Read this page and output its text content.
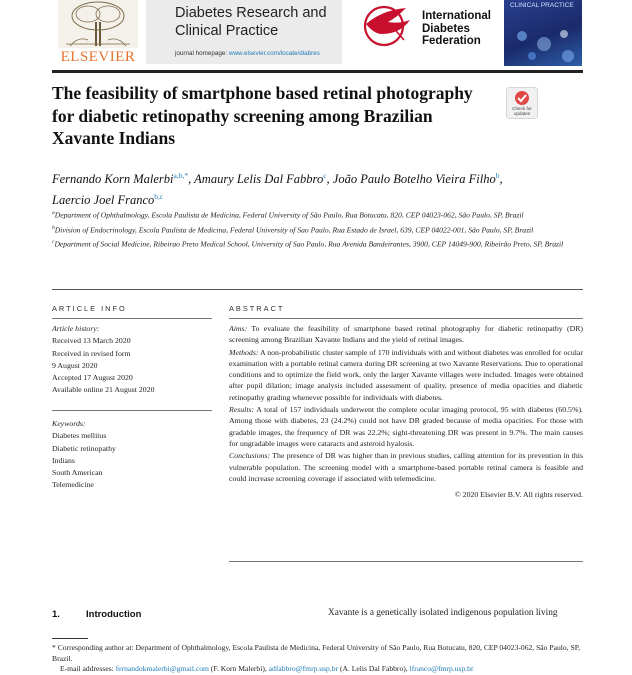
ELSEVIER
Diabetes Research and Clinical Practice
journal homepage: www.elsevier.com/locate/diabres
International
Diabetes
Federation
CLINICAL PRACTICE
The feasibility of smartphone based retinal photography for diabetic retinopathy screening among Brazilian Xavante Indians
Check for updates
Fernando Korn Malerbi$^{a,b,*}$, Amaury Lelis Dal Fabbro$^c$, João Paulo Botelho Vieira Filho$^b$,
Laercio Joel Franco$^{b,c}$
$^a$Department of Ophthalmology, Escola Paulista de Medicina, Federal University of São Paulo, Rua Botucatu, 820, CEP 04023-062, São Paulo, SP, Brazil
$^b$Division of Endocrinology, Escola Paulista de Medicina, Federal University of Sao Paulo, Rua Estado de Israel, 639, CEP 04022-001, São Paulo, SP, Brazil
$^c$Department of Social Medicine, Ribeirao Preto Medical School, University of Sao Paulo, Rua Avenida Bandeirantes, 3900, CEP 14049-900, Ribeirão Preto, SP, Brazil
ARTICLE INFO
Article history:
Received 13 March 2020
Received in revised form
9 August 2020
Accepted 17 August 2020
Available online 21 August 2020
Keywords:
Diabetes mellitus
Diabetic retinopathy
Indians
South American
Telemedicine
ABSTRACT

Aims: To evaluate the feasibility of smartphone based retinal photography for diabetic retinopathy (DR) screening among Brazilian Xavante Indians and the yield of retinal images.

Methods: A non-probabilistic cluster sample of 170 individuals with and without diabetes was enrolled for ocular examination with a portable retinal camera during DR screening at two Xavante Reservations. Due to operational conditions and to optimize the field work, only the larger Xavante villages were included. Images were obtained after pupil dilation; image analysis included assessment of quality, presence of media opacities and diabetic retinopathy grading whenever possible for individuals with diabetes.

Results: A total of 157 individuals underwent the complete ocular imaging protocol, 95 with diabetes (60.5%). Among those with diabetes, 23 (24.2%) could not have DR graded because of media opacities. For those with gradable images, the frequency of DR was 22.2%; sight-threatening DR was present in 9.7%. The main causes for ungradable images were cataracts and asteroid hyalosis.

Conclusions: The presence of DR was higher than in previous studies, calling attention for its prevention in this vulnerable population. The screening model with a smartphone-based portable retinal camera is feasible and could increase screening coverage if associated with telemedicine.

© 2020 Elsevier B.V. All rights reserved.

1.	Introduction	Xavante is a genetically isolated indigenous population living
* Corresponding author at: Department of Ophthalmology, Escola Paulista de Medicina, Federal University of São Paulo, Rua Botucatu, 820, CEP 04023-062, São Paulo, SP, Brazil.
E-mail addresses: fernandokmalerbi@gmail.com (F. Korn Malerbi), adfabbro@fmrp.usp.br (A. Lelis Dal Fabbro), lfranco@fmrp.usp.br
